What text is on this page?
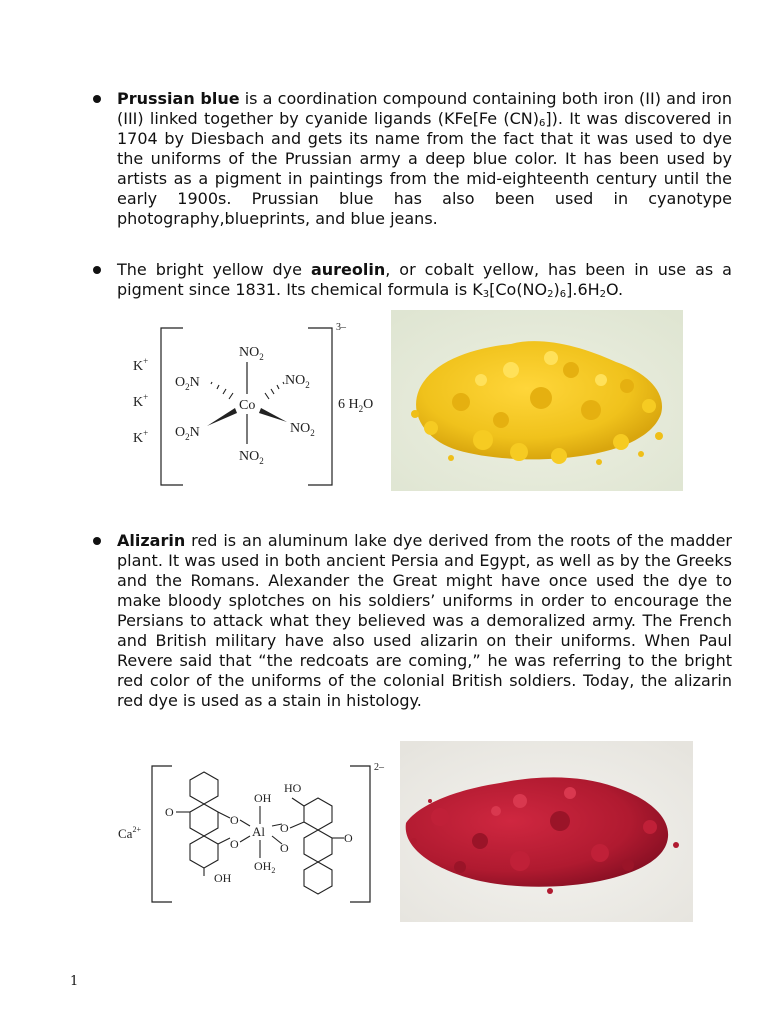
Prussian blue is a coordination compound containing both iron (II) and iron (III) linked together by cyanide ligands (KFe[Fe $(CN)_6$]). It was discovered in 1704 by Diesbach and gets its name from the fact that it was used to dye the uniforms of the Prussian army a deep blue color. It has been used by artists as a pigment in paintings from the mid-eighteenth century until the early 1900s. Prussian blue has also been used in cyanotype photography,blueprints, and blue jeans.
The bright yellow dye aureolin, or cobalt yellow, has been in use as a pigment since 1831. Its chemical formula is $K_3[Co(NO_2)_6].6H_2O$.
3–
K+
K+
K+
Co
$NO_2$
$NO_2$
$O_2N$	$NO_2$
$O_2N$	$NO_2$
6 $H_2O$
Alizarin red is an aluminum lake dye derived from the roots of the madder plant. It was used in both ancient Persia and Egypt, as well as by the Greeks and the Romans. Alexander the Great might have once used the dye to make bloody splotches on his soldiers’ uniforms in order to encourage the Persians to attack what they believed was a demoralized army. The French and British military have also used alizarin on their uniforms. When Paul Revere said that “the redcoats are coming,” he was referring to the bright red color of the uniforms of the colonial British soldiers. Today, the alizarin red dye is used as a stain in histology.
2–
$Ca^{2+}$
O
O
O
OH
Al
OH
$OH_2$
HO
O
O
O
1
